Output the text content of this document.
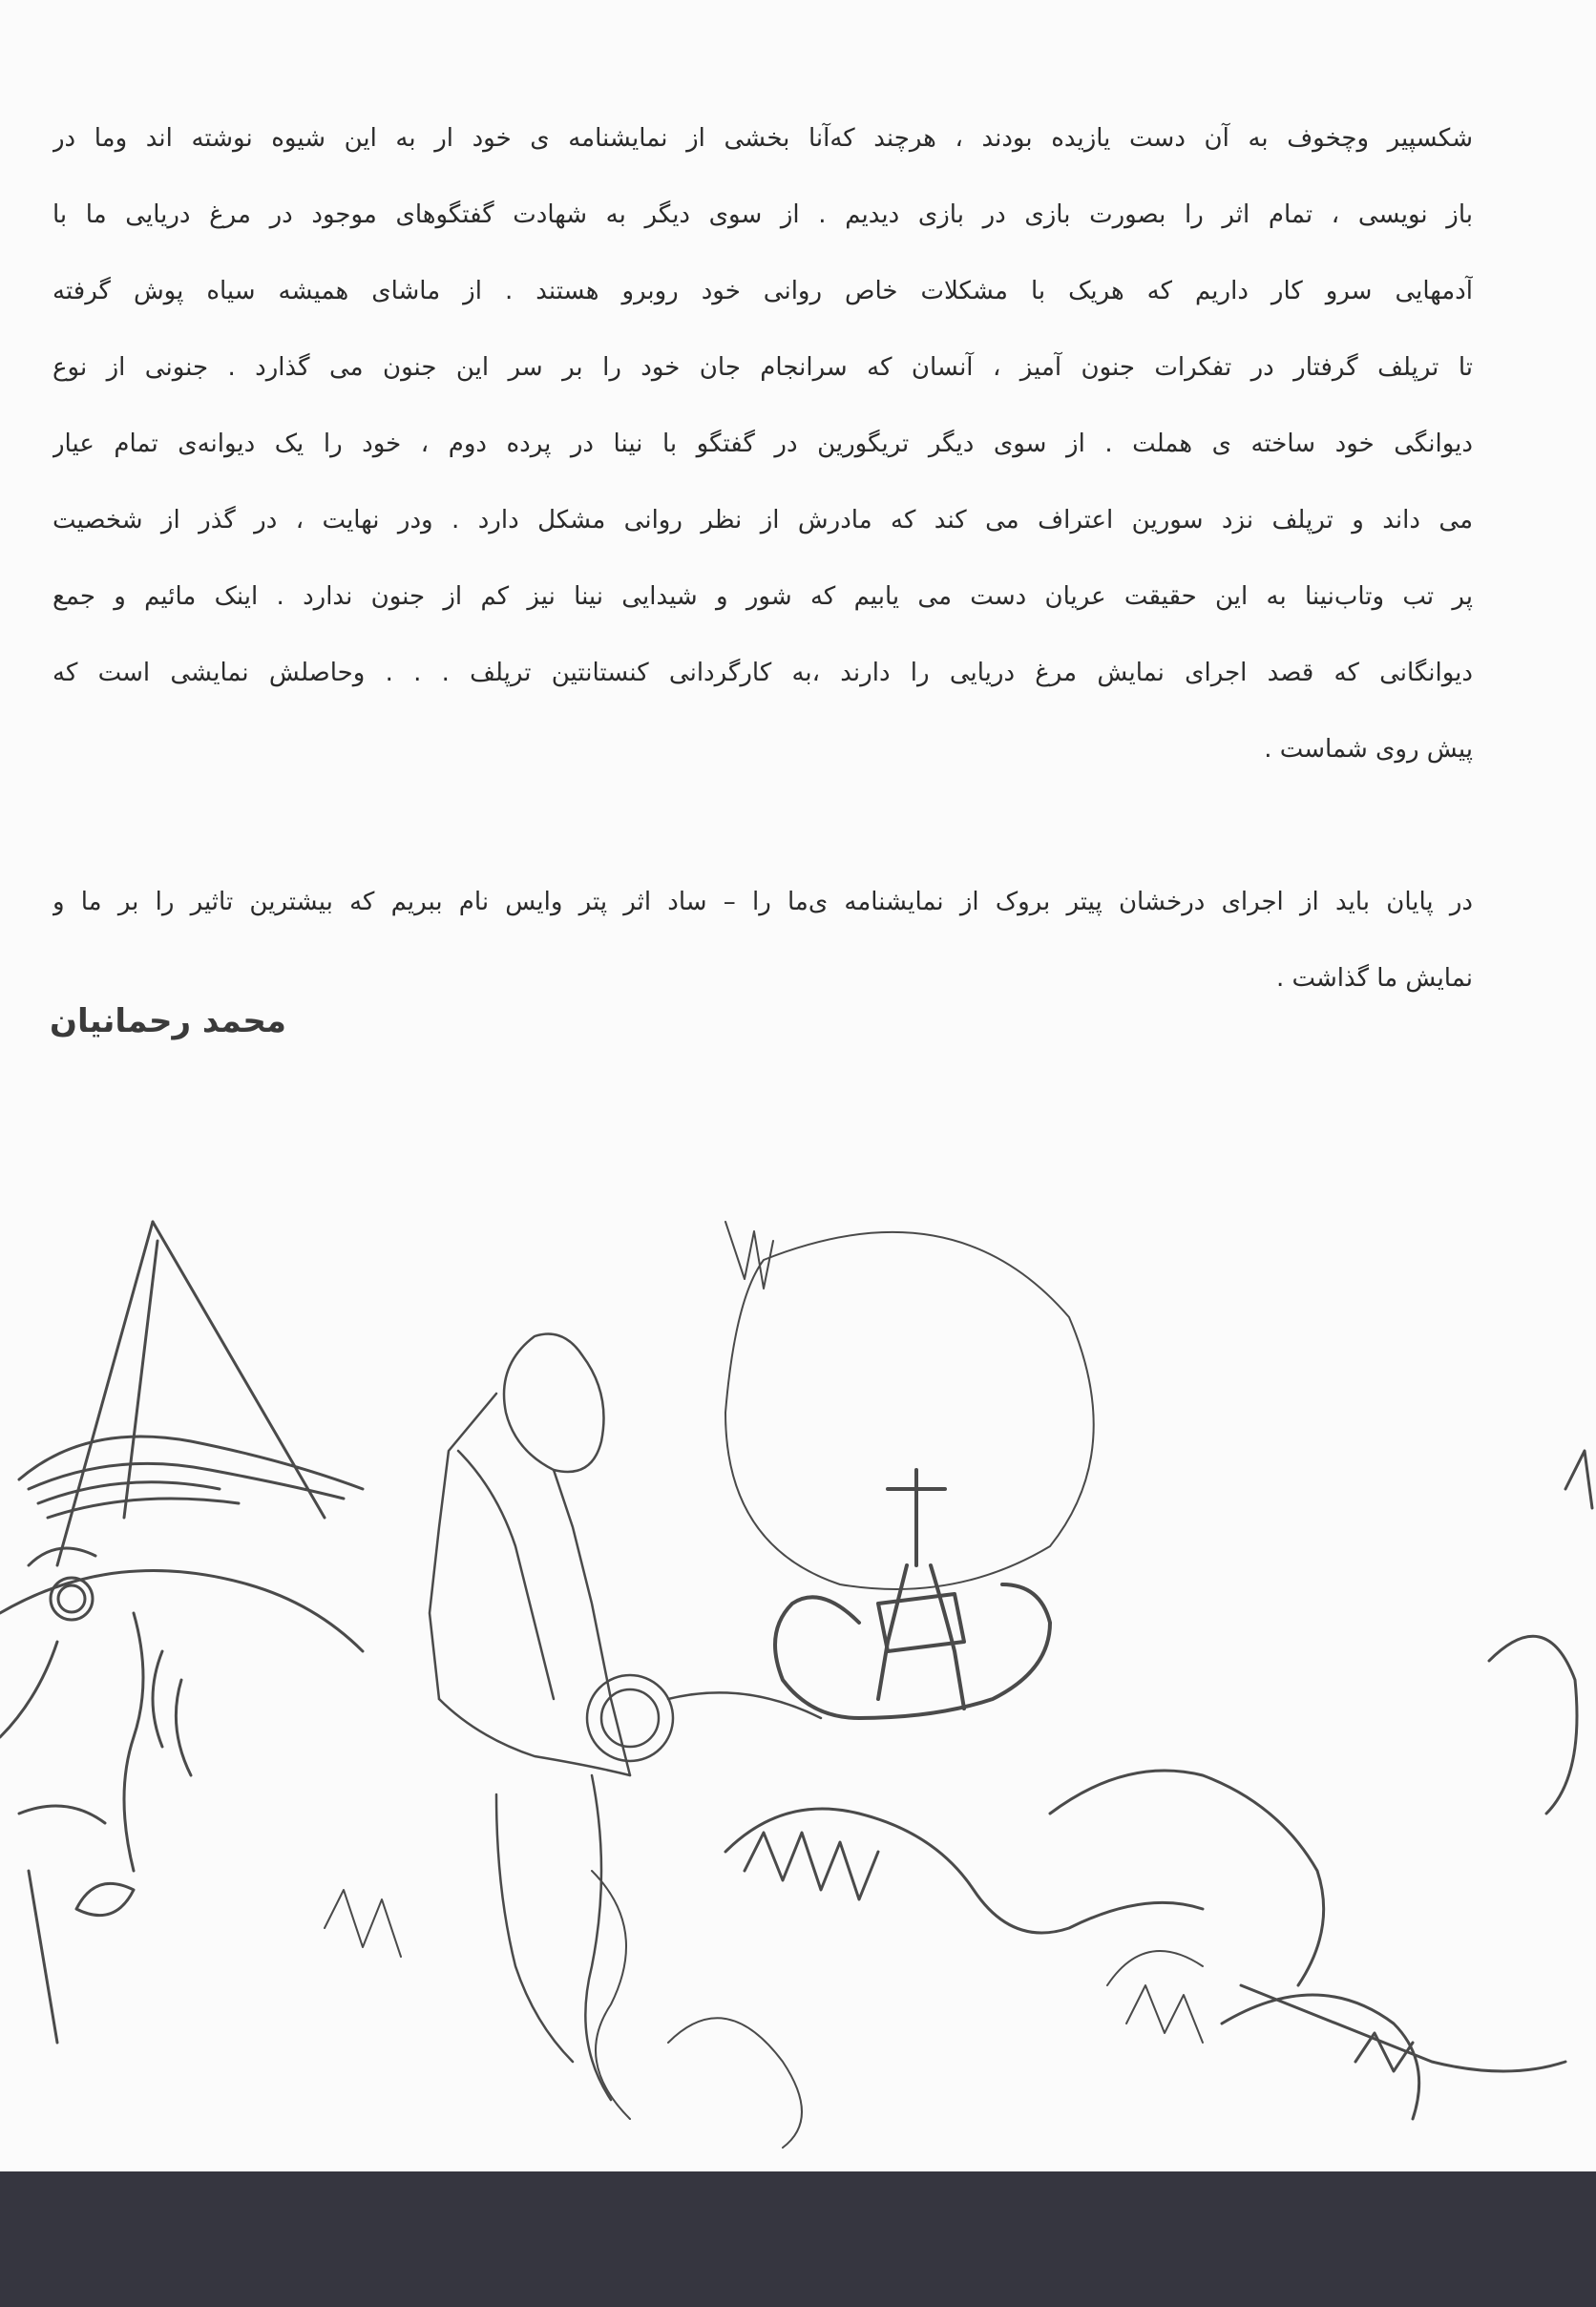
شکسپیر وچخوف به آن دست یازیده بودند ، هرچند که‌آنا بخشی از نمایشنامه ی خود ار به این شیوه نوشته اند وما در
باز نویسی ، تمام اثر را بصورت بازی در بازی دیدیم . از سوی دیگر به شهادت گفتگوهای موجود در مرغ دریایی ما با
آدمهایی سرو کار داریم که هریک با مشکلات خاص روانی خود روبرو هستند . از ماشای همیشه سیاه پوش گرفته
تا ترپلف گرفتار در تفکرات جنون آمیز ، آنسان که سرانجام جان خود را بر سر این جنون می گذارد . جنونی از نوع
دیوانگی خود ساخته ی هملت . از سوی دیگر تریگورین در گفتگو با نینا در پرده دوم ، خود را یک دیوانه‌ی تمام عیار
می داند و ترپلف نزد سورین اعتراف می کند که مادرش از نظر روانی مشکل دارد . ودر نهایت ، در گذر از شخصیت
پر تب وتاب‌نینا به این حقیقت عریان دست می یابیم که شور و شیدایی نینا نیز کم از جنون ندارد . اینک مائیم و جمع
دیوانگانی که قصد اجرای نمایش مرغ دریایی را دارند ،به کارگردانی کنستانتین ترپلف . . . وحاصلش نمایشی است که
پیش روی شماست .
در پایان باید از اجرای درخشان پیتر بروک از نمایشنامه ی‌ما را – ساد اثر پتر وایس نام ببریم که بیشترین تاثیر را بر ما و
نمایش ما گذاشت .
محمد رحمانیان
